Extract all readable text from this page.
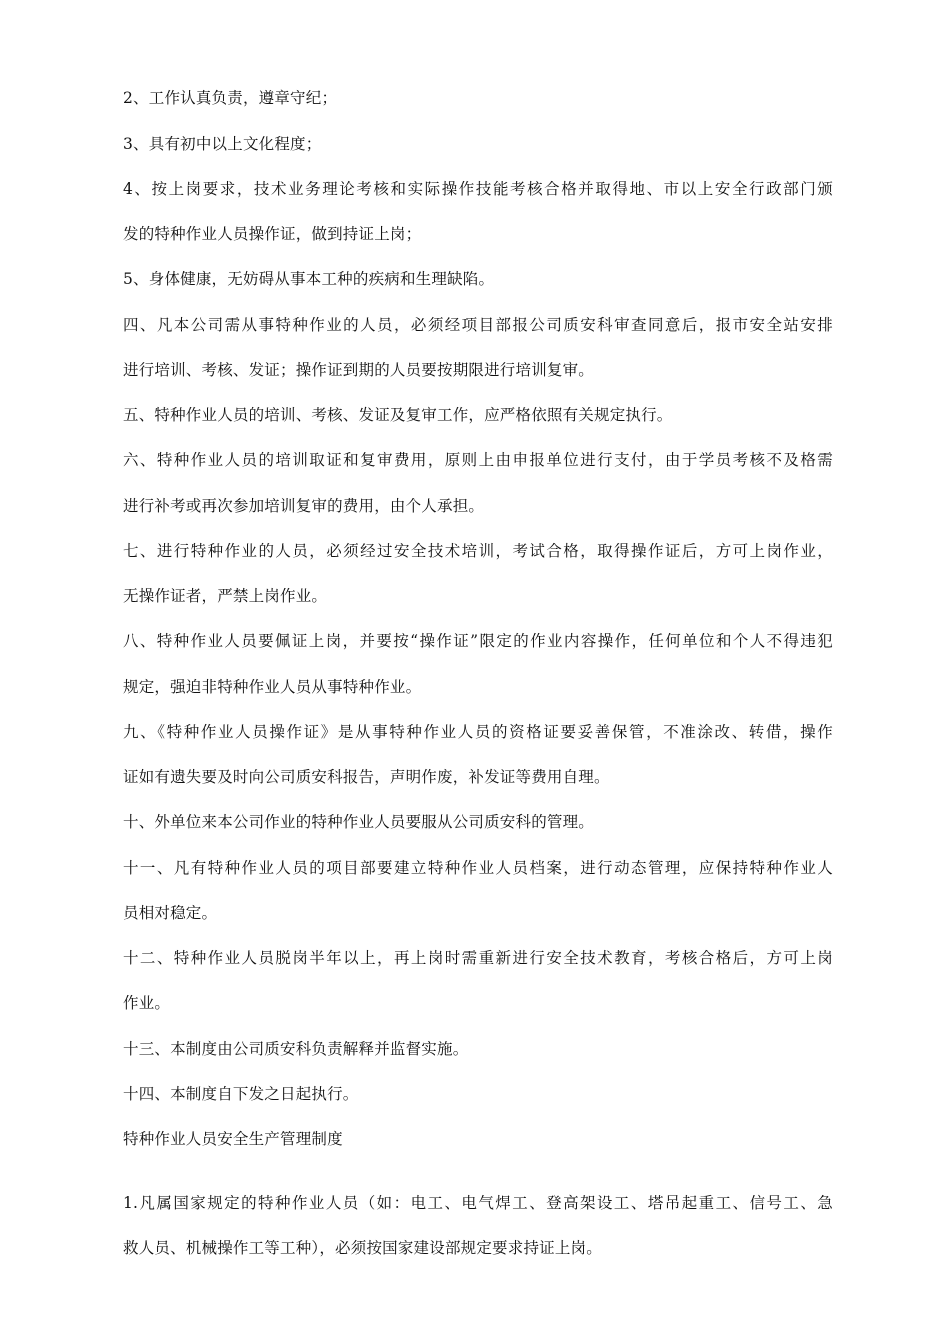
2、工作认真负责，遵章守纪；
3、具有初中以上文化程度；
4、按上岗要求，技术业务理论考核和实际操作技能考核合格并取得地、市以上安全行政部门颁
发的特种作业人员操作证，做到持证上岗；
5、身体健康，无妨碍从事本工种的疾病和生理缺陷。
四、凡本公司需从事特种作业的人员，必须经项目部报公司质安科审查同意后，报市安全站安排
进行培训、考核、发证；操作证到期的人员要按期限进行培训复审。
五、特种作业人员的培训、考核、发证及复审工作，应严格依照有关规定执行。
六、特种作业人员的培训取证和复审费用，原则上由申报单位进行支付，由于学员考核不及格需
进行补考或再次参加培训复审的费用，由个人承担。
七、进行特种作业的人员，必须经过安全技术培训，考试合格，取得操作证后，方可上岗作业，
无操作证者，严禁上岗作业。
八、特种作业人员要佩证上岗，并要按“操作证”限定的作业内容操作，任何单位和个人不得违犯
规定，强迫非特种作业人员从事特种作业。
九、《特种作业人员操作证》是从事特种作业人员的资格证要妥善保管，不准涂改、转借，操作
证如有遗失要及时向公司质安科报告，声明作废，补发证等费用自理。
十、外单位来本公司作业的特种作业人员要服从公司质安科的管理。
十一、凡有特种作业人员的项目部要建立特种作业人员档案，进行动态管理，应保持特种作业人
员相对稳定。
十二、特种作业人员脱岗半年以上，再上岗时需重新进行安全技术教育，考核合格后，方可上岗
作业。
十三、本制度由公司质安科负责解释并监督实施。
十四、本制度自下发之日起执行。
特种作业人员安全生产管理制度
1.凡属国家规定的特种作业人员（如：电工、电气焊工、登高架设工、塔吊起重工、信号工、急
救人员、机械操作工等工种），必须按国家建设部规定要求持证上岗。
